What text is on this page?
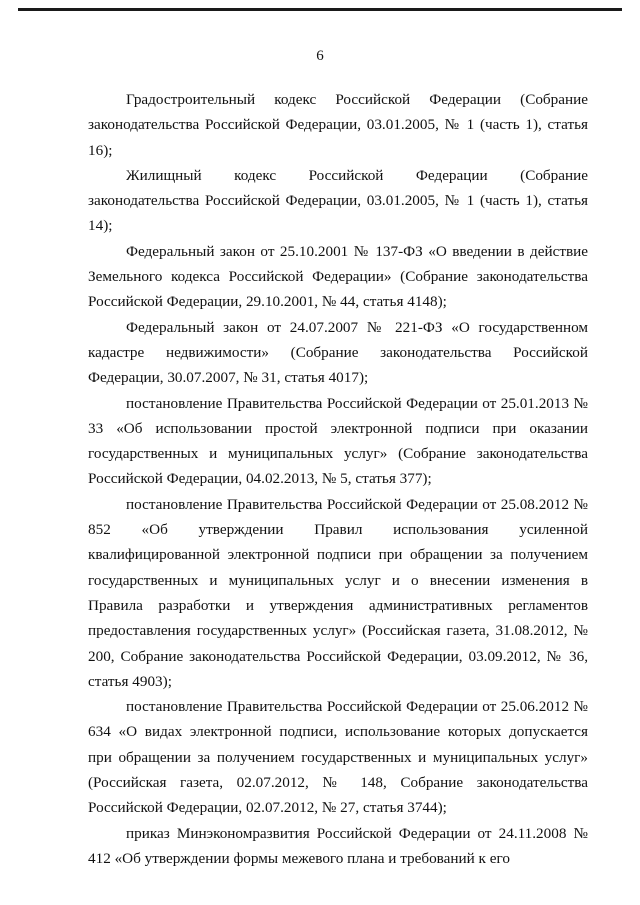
6

Градостроительный кодекс Российской Федерации (Собрание законодательства Российской Федерации, 03.01.2005, № 1 (часть 1), статья 16);

Жилищный кодекс Российской Федерации (Собрание законодательства Российской Федерации, 03.01.2005, № 1 (часть 1), статья 14);

Федеральный закон от 25.10.2001 № 137-ФЗ «О введении в действие Земельного кодекса Российской Федерации» (Собрание законодательства Российской Федерации, 29.10.2001, № 44, статья 4148);

Федеральный закон от 24.07.2007 № 221-ФЗ «О государственном кадастре недвижимости» (Собрание законодательства Российской Федерации, 30.07.2007, № 31, статья 4017);

постановление Правительства Российской Федерации от 25.01.2013 № 33 «Об использовании простой электронной подписи при оказании государственных и муниципальных услуг» (Собрание законодательства Российской Федерации, 04.02.2013, № 5, статья 377);

постановление Правительства Российской Федерации от 25.08.2012 № 852 «Об утверждении Правил использования усиленной квалифицированной электронной подписи при обращении за получением государственных и муниципальных услуг и о внесении изменения в Правила разработки и утверждения административных регламентов предоставления государственных услуг» (Российская газета, 31.08.2012, № 200, Собрание законодательства Российской Федерации, 03.09.2012, № 36, статья 4903);

постановление Правительства Российской Федерации от 25.06.2012 № 634 «О видах электронной подписи, использование которых допускается при обращении за получением государственных и муниципальных услуг» (Российская газета, 02.07.2012, № 148, Собрание законодательства Российской Федерации, 02.07.2012, № 27, статья 3744);

приказ Минэкономразвития Российской Федерации от 24.11.2008 № 412 «Об утверждении формы межевого плана и требований к его
